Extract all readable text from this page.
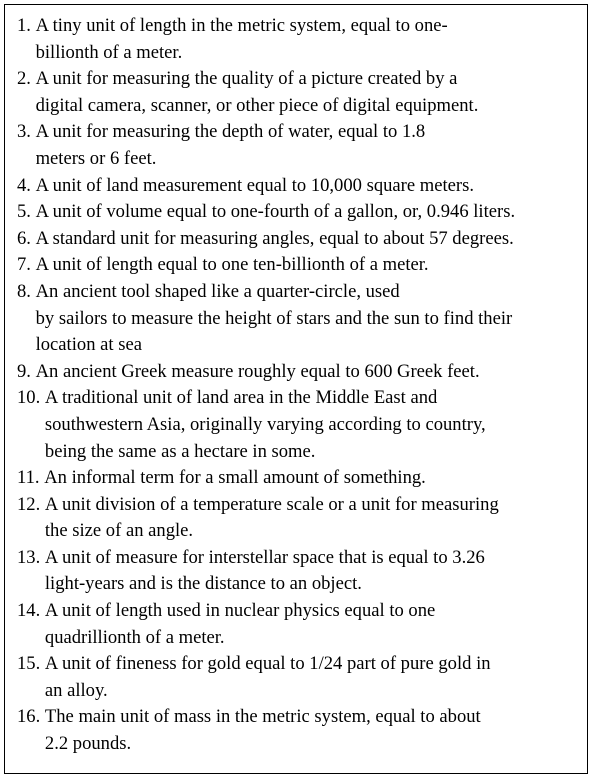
1. A tiny unit of length in the metric system, equal to one-
billionth of a meter.
2. A unit for measuring the quality of a picture created by a
digital camera, scanner, or other piece of digital equipment.
3. A unit for measuring the depth of water, equal to 1.8
meters or 6 feet.
4. A unit of land measurement equal to 10,000 square meters.
5. A unit of volume equal to one-fourth of a gallon, or, 0.946 liters.
6. A standard unit for measuring angles, equal to about 57 degrees.
7. A unit of length equal to one ten-billionth of a meter.
8. An ancient tool shaped like a quarter-circle, used
by sailors to measure the height of stars and the sun to find their
location at sea
9. An ancient Greek measure roughly equal to 600 Greek feet.
10. A traditional unit of land area in the Middle East and
southwestern Asia, originally varying according to country,
being the same as a hectare in some.
11. An informal term for a small amount of something.
12. A unit division of a temperature scale or a unit for measuring
the size of an angle.
13. A unit of measure for interstellar space that is equal to 3.26
light-years and is the distance to an object.
14. A unit of length used in nuclear physics equal to one
quadrillionth of a meter.
15. A unit of fineness for gold equal to 1/24 part of pure gold in
an alloy.
16. The main unit of mass in the metric system, equal to about
2.2 pounds.
